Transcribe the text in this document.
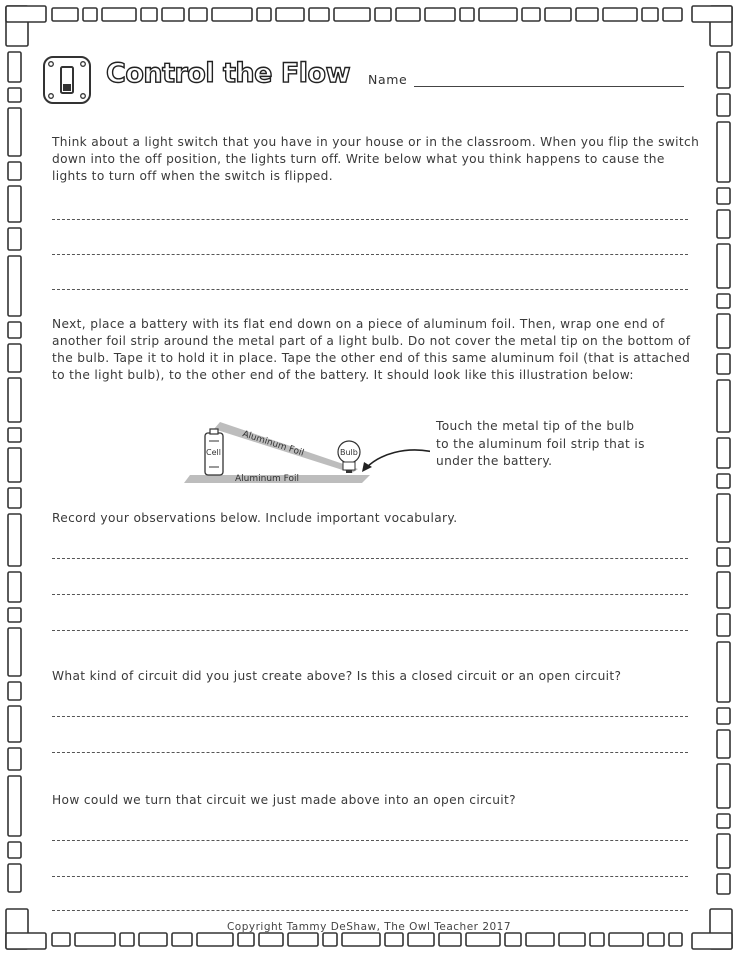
Control the Flow Name
Think about a light switch that you have in your house or in the classroom. When you flip the switch down into the off position, the lights turn off. Write below what you think happens to cause the lights to turn off when the switch is flipped.
Next, place a battery with its flat end down on a piece of aluminum foil. Then, wrap one end of another foil strip around the metal part of a light bulb. Do not cover the metal tip on the bottom of the bulb. Tape it to hold it in place. Tape the other end of this same aluminum foil (that is attached to the light bulb), to the other end of the battery. It should look like this illustration below:
Aluminum Foil
Aluminum Foil
Cell	Bulb
Touch the metal tip of the bulb to the aluminum foil strip that is under the battery.
Record your observations below. Include important vocabulary.
What kind of circuit did you just create above? Is this a closed circuit or an open circuit?
How could we turn that circuit we just made above into an open circuit?
Copyright Tammy DeShaw, The Owl Teacher 2017
